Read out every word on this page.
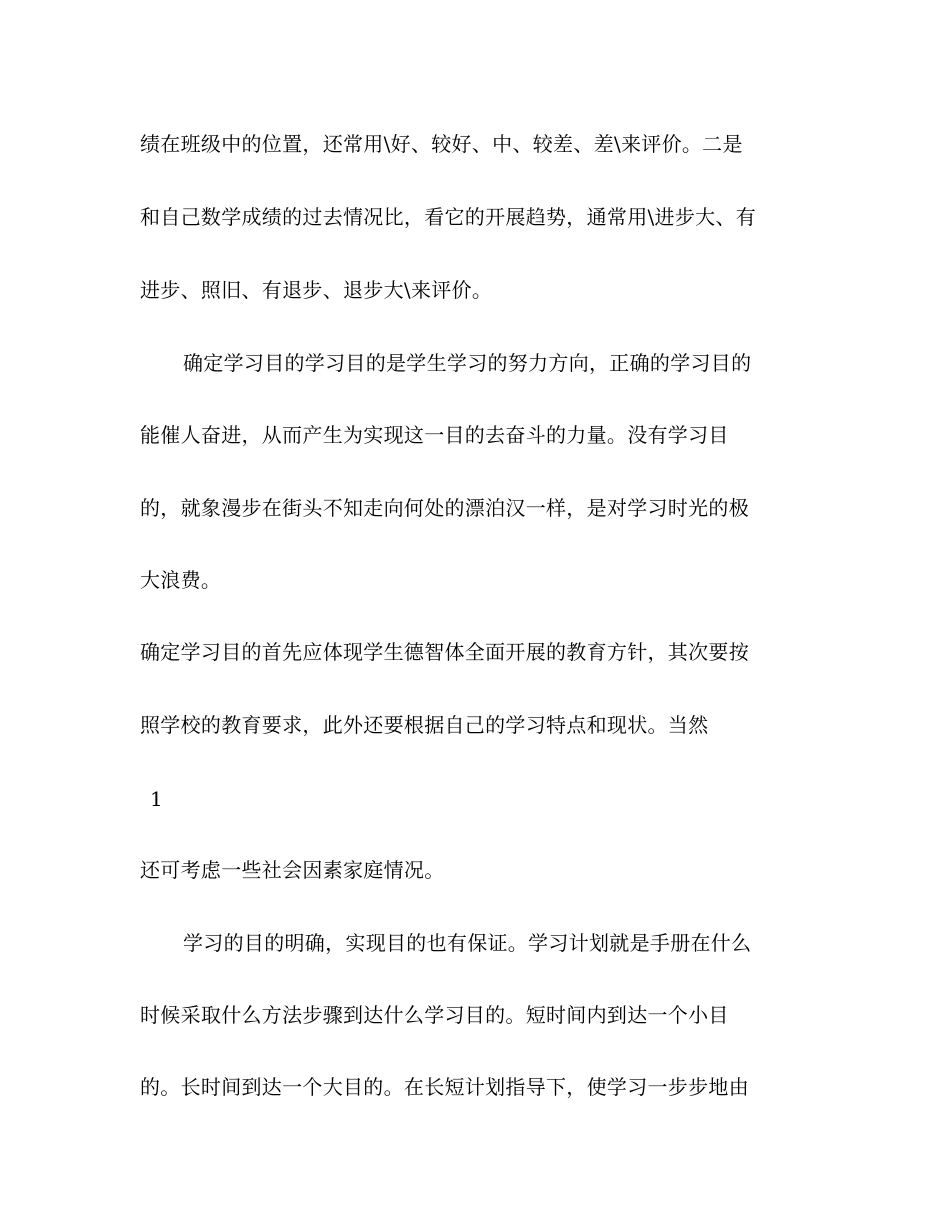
绩在班级中的位置，还常用\好、较好、中、较差、差\来评价。二是
和自己数学成绩的过去情况比，看它的开展趋势，通常用\进步大、有
进步、照旧、有退步、退步大\来评价。
确定学习目的学习目的是学生学习的努力方向，正确的学习目的
能催人奋进，从而产生为实现这一目的去奋斗的力量。没有学习目
的，就象漫步在街头不知走向何处的漂泊汉一样，是对学习时光的极
大浪费。
确定学习目的首先应体现学生德智体全面开展的教育方针，其次要按
照学校的教育要求，此外还要根据自己的学习特点和现状。当然
1
还可考虑一些社会因素家庭情况。
学习的目的明确，实现目的也有保证。学习计划就是手册在什么
时候采取什么方法步骤到达什么学习目的。短时间内到达一个小目
的。长时间到达一个大目的。在长短计划指导下，使学习一步步地由
